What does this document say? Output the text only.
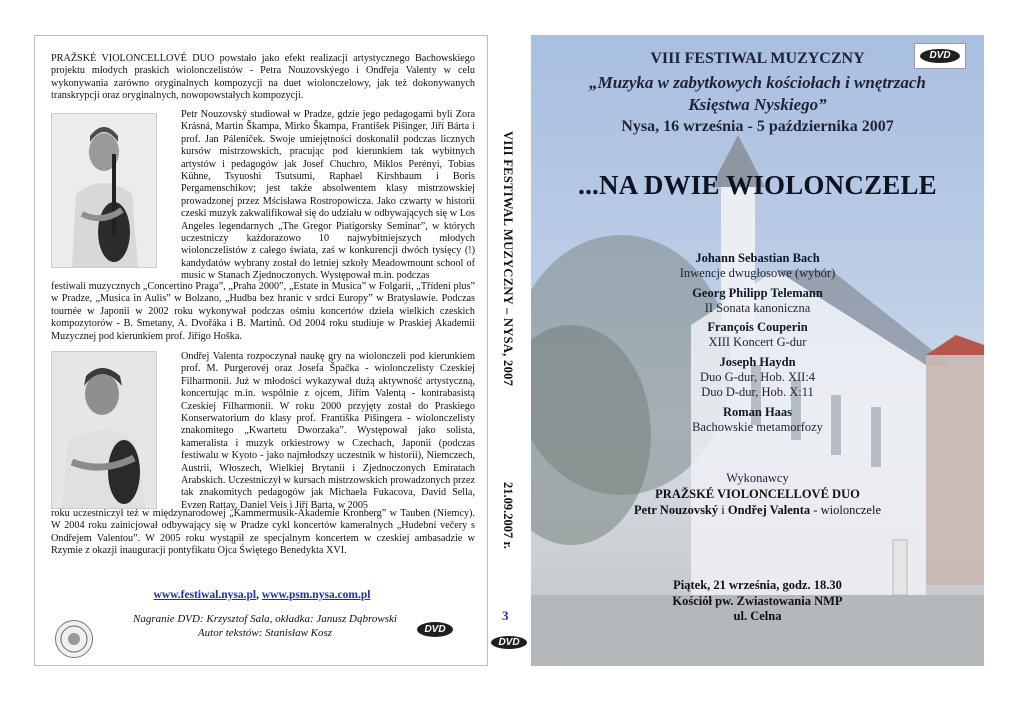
PRAŽSKÉ VIOLONCELLOVÉ DUO powstało jako efekt realizacji artystycznego Bachowskiego projektu młodych praskich wiolonczelistów - Petra Nouzovskýego i Ondřeja Valenty w celu wykonywania zarówno oryginalnych kompozycji na duet wiolonczelowy, jak też dokonywanych transkrypcji oraz oryginalnych, nowopowstałych kompozycji.
Petr Nouzovský studiował w Pradze, gdzie jego pedagogami byli Zora Krásná, Martin Škampa, Mirko Škampa, František Pišinger, Jiří Bárta i prof. Jan Páleníček. Swoje umiejętności doskonalił podczas licznych kursów mistrzowskich, pracując pod kierunkiem tak wybitnych artystów i pedagogów jak Josef Chuchro, Miklos Perényi, Tobias Kühne, Tsyuoshi Tsutsumi, Raphael Kirshbaum i Boris Pergamenschikov; jest także absolwentem klasy mistrzowskiej prowadzonej przez Mścisława Rostropowicza. Jako czwarty w historii czeski muzyk zakwalifikował się do udziału w odbywających się w Los Angeles legendarnych „The Gregor Piatigorsky Seminar”, w których uczestniczy każdorazowo 10 najwybitniejszych młodych wiolonczelistów z całego świata, zaś w konkurencji dwóch tysięcy (!) kandydatów wybrany został do letniej szkoły Meadowmount school of music w Stanach Zjednoczonych. Występował m.in. podczas
festiwali muzycznych „Concertino Praga”, „Praha 2000”, „Estate in Musica” w Folgarii, „Třídení plus” w Pradze, „Musica in Aulis” w Bolzano, „Hudba bez hranic v srdci Europy” w Bratysławie. Podczas tournée w Japonii w 2002 roku wykonywał podczas ośmiu koncertów dzieła wielkich czeskich kompozytorów - B. Smetany, A. Dvořáka i B. Martinů. Od 2004 roku studiuje w Praskiej Akademii Muzycznej pod kierunkiem prof. Jiřígo Hoška.
Ondřej Valenta rozpoczynał naukę gry na wiolonczeli pod kierunkiem prof. M. Purgerovéj oraz Josefa Špačka - wiolonczelisty Czeskiej Filharmonii. Już w młodości wykazywał dużą aktywność artystyczną, koncertując m.in. wspólnie z ojcem, Jiřím Valentą - kontrabasistą Czeskiej Filharmonii. W roku 2000 przyjęty został do Praskiego Konserwatorium do klasy prof. Františka Pišingera - wiolonczelisty znakomitego „Kwartetu Dworzaka”. Występował jako solista, kameralista i muzyk orkiestrowy w Czechach, Japonii (podczas festiwalu w Kyoto - jako najmłodszy uczestnik w historii), Niemczech, Austrii, Włoszech, Wielkiej Brytanii i Zjednoczonych Emiratach Arabskich. Uczestniczył w kursach mistrzowskich prowadzonych przez tak znakomitych pedagogów jak Michaela Fukacova, David Sella, Evzen Rattay, Daniel Veis i Jiří Barta, w 2005
roku uczestniczył też w międzynarodowej „Kammermusik-Akademie Kronberg” w Tauben (Niemcy). W 2004 roku zainicjował odbywający się w Pradze cykl koncertów kameralnych „Hudební večery s Ondřejem Valentou”. W 2005 roku wystąpił ze specjalnym koncertem w czeskiej ambasadzie w Rzymie z okazji inauguracji pontyfikatu Ojca Świętego Benedykta XVI.
www.festiwal.nysa.pl, www.psm.nysa.com.pl
Nagranie DVD: Krzysztof Sala, okładka: Janusz Dąbrowski
Autor tekstów: Stanisław Kosz	DVD
VIII FESTIWAL MUZYCZNY – NYSA, 2007
21.09.2007 r.
3
DVD
VIII FESTIWAL MUZYCZNY
„Muzyka w zabytkowych kościołach i wnętrzach
Księstwa Nyskiego”
Nysa, 16 września - 5 października 2007
DVD
...NA DWIE WIOLONCZELE
Johann Sebastian Bach
Inwencje dwugłosowe (wybór)
Georg Philipp Telemann
II Sonata kanoniczna
François Couperin
XIII Koncert G-dur
Joseph Haydn
Duo G-dur, Hob. XII:4
Duo D-dur, Hob. X:11
Roman Haas
Bachowskie metamorfozy
Wykonawcy
PRAŽSKÉ VIOLONCELLOVÉ DUO
Petr Nouzovský i Ondřej Valenta - wiolonczele
Piątek, 21 września, godz. 18.30
Kościół pw. Zwiastowania NMP
ul. Celna
